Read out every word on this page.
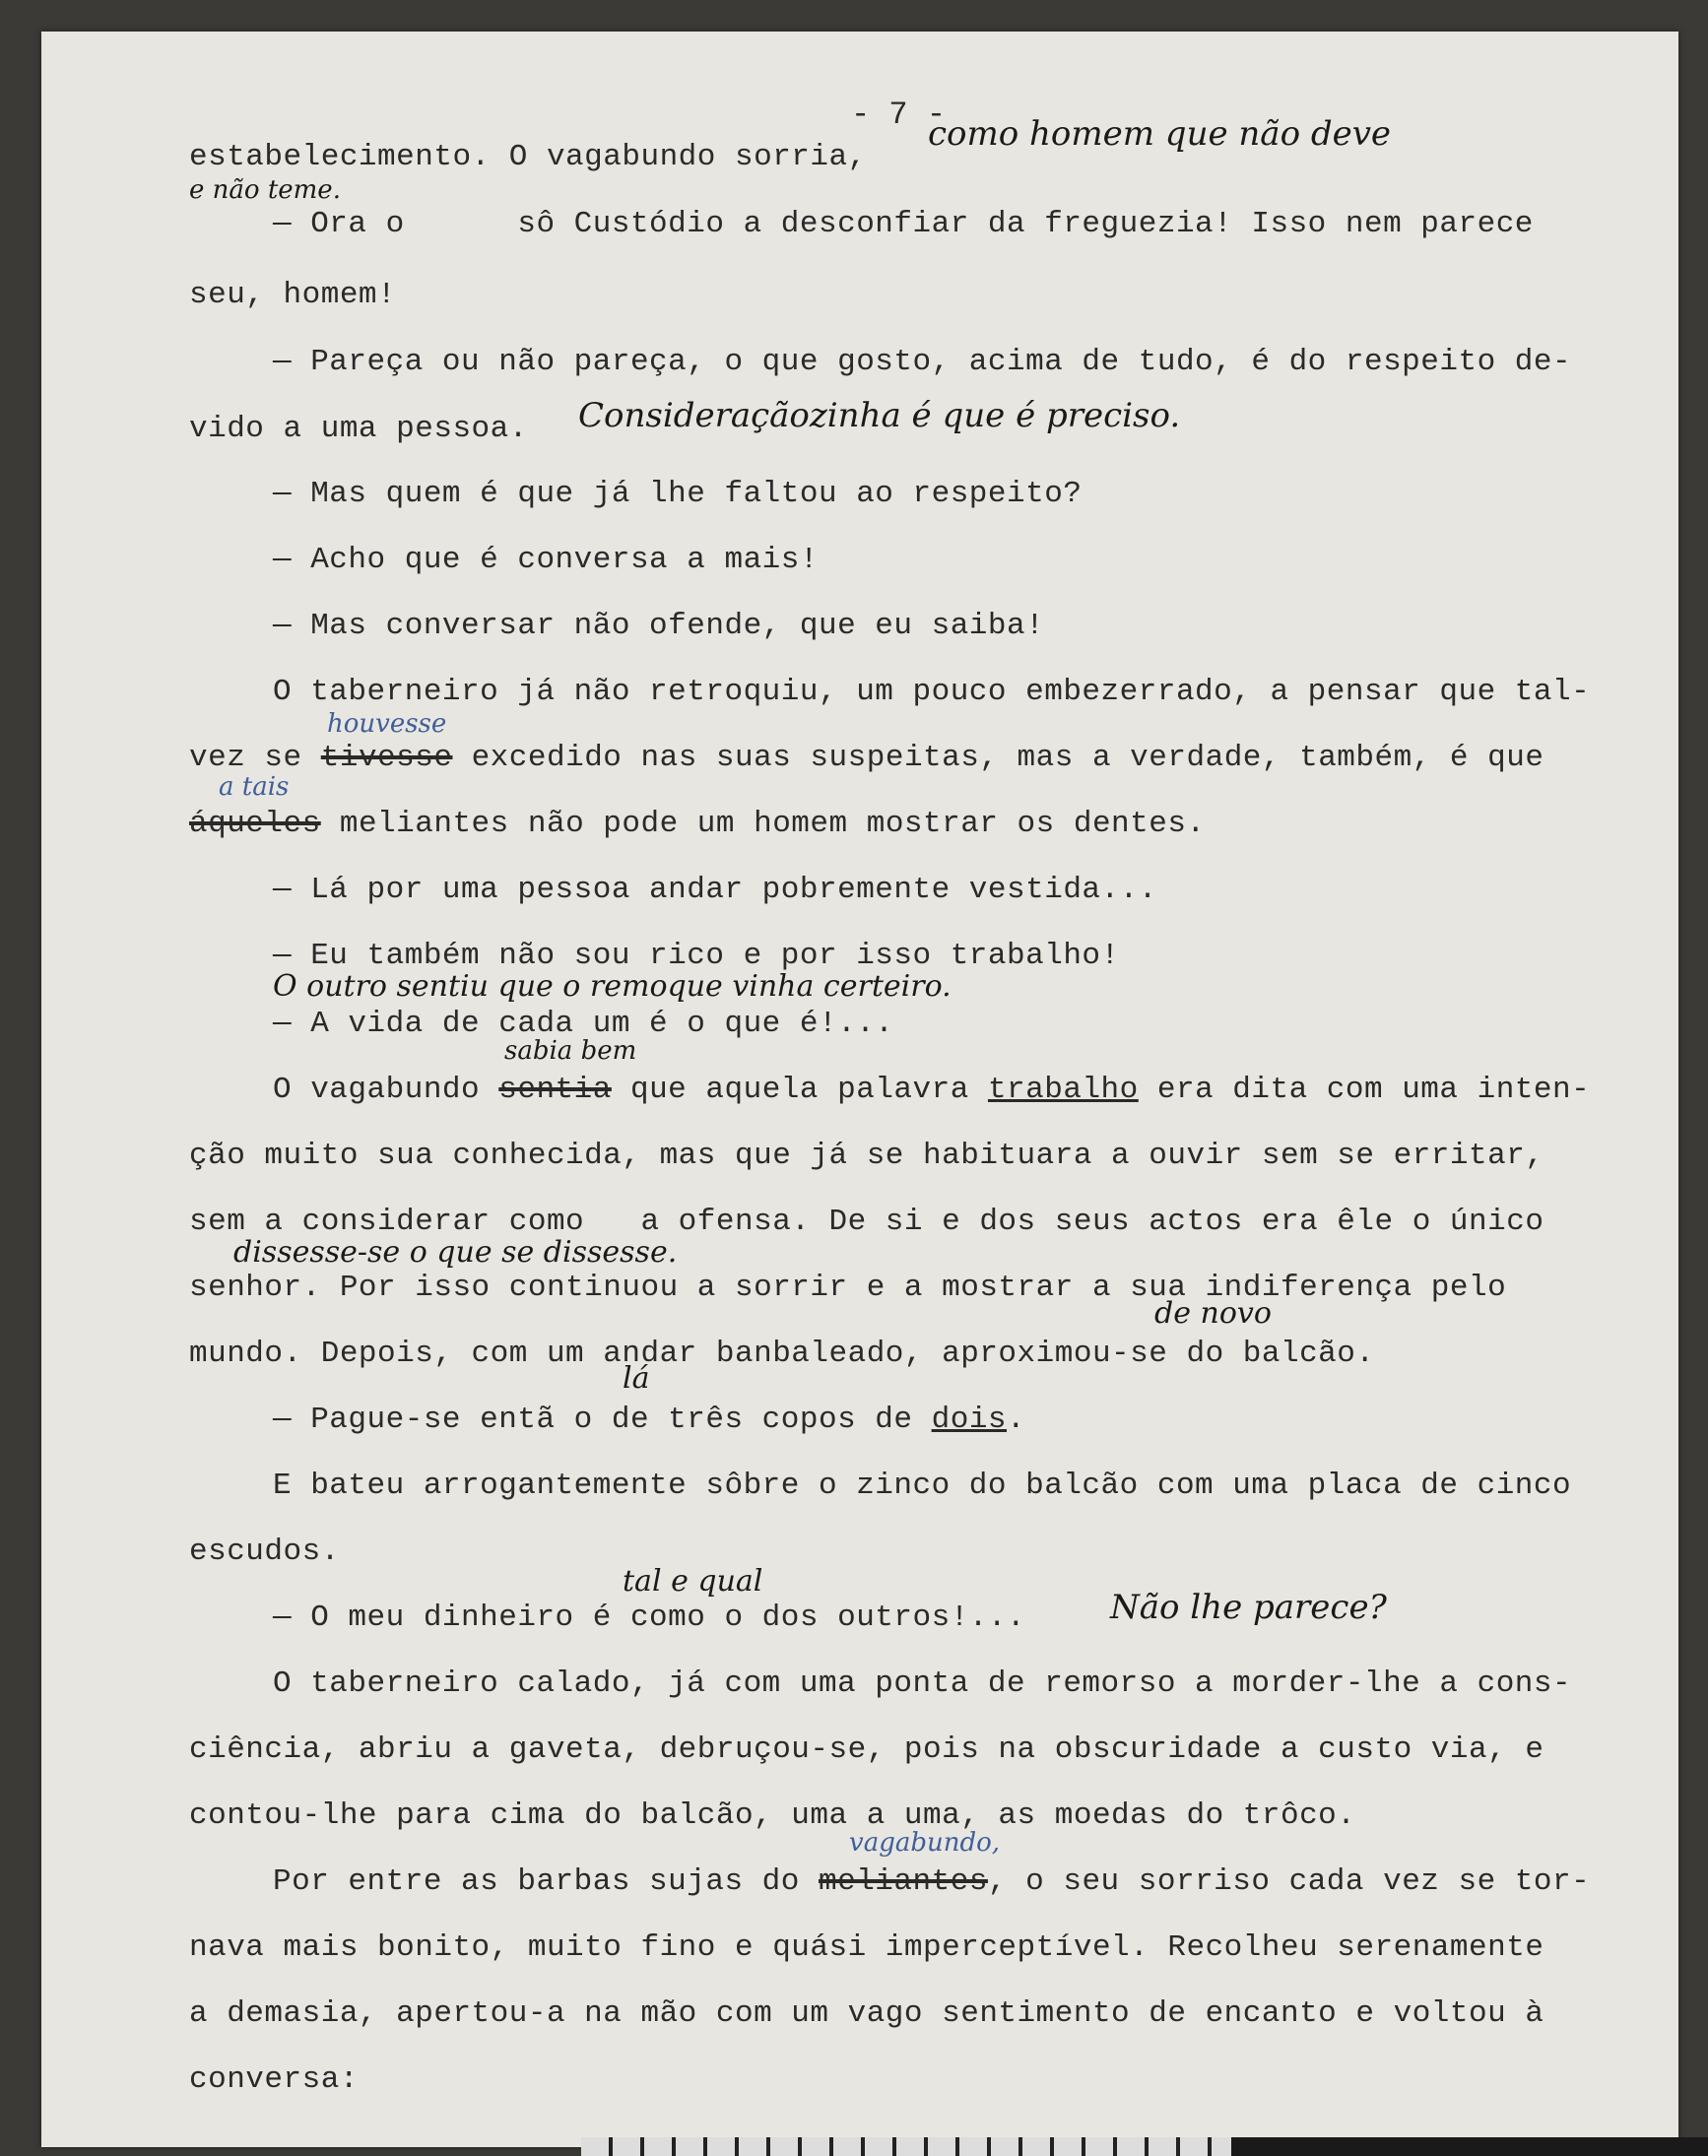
- 7 -
estabelecimento. O vagabundo sorria,
como homem que não deve
e não teme.
— Ora o      sô Custódio a desconfiar da freguezia! Isso nem parece
seu, homem!
— Pareça ou não pareça, o que gosto, acima de tudo, é do respeito de-
vido a uma pessoa. Consideraçãozinha é que é preciso.
— Mas quem é que já lhe faltou ao respeito?
— Acho que é conversa a mais!
— Mas conversar não ofende, que eu saiba!
O taberneiro já não retroquiu, um pouco embezerrado, a pensar que tal-
houvesse
vez se tivesse excedido nas suas suspeitas, mas a verdade, também, é que
a tais
áqueles meliantes não pode um homem mostrar os dentes.
— Lá por uma pessoa andar pobremente vestida...
— Eu também não sou rico e por isso trabalho!
O outro sentiu que o remoque vinha certeiro.
— A vida de cada um é o que é!...
sabia bem
O vagabundo sentia que aquela palavra trabalho era dita com uma inten-
ção muito sua conhecida, mas que já se habituara a ouvir sem se erritar,
sem a considerar como   a ofensa. De si e dos seus actos era êle o único
dissesse-se o que se dissesse.
senhor. Por isso continuou a sorrir e a mostrar a sua indiferença pelo
de novo
mundo. Depois, com um andar banbaleado, aproximou-se do balcão.
lá
— Pague-se entã o de três copos de dois.
E bateu arrogantemente sôbre o zinco do balcão com uma placa de cinco
escudos.
tal e qual
— O meu dinheiro é como o dos outros!...	Não lhe parece?
O taberneiro calado, já com uma ponta de remorso a morder-lhe a cons-
ciência, abriu a gaveta, debruçou-se, pois na obscuridade a custo via, e
contou-lhe para cima do balcão, uma a uma, as moedas do trôco.
vagabundo,
Por entre as barbas sujas do meliantes, o seu sorriso cada vez se tor-
nava mais bonito, muito fino e quási imperceptível. Recolheu serenamente
a demasia, apertou-a na mão com um vago sentimento de encanto e voltou à
conversa:
